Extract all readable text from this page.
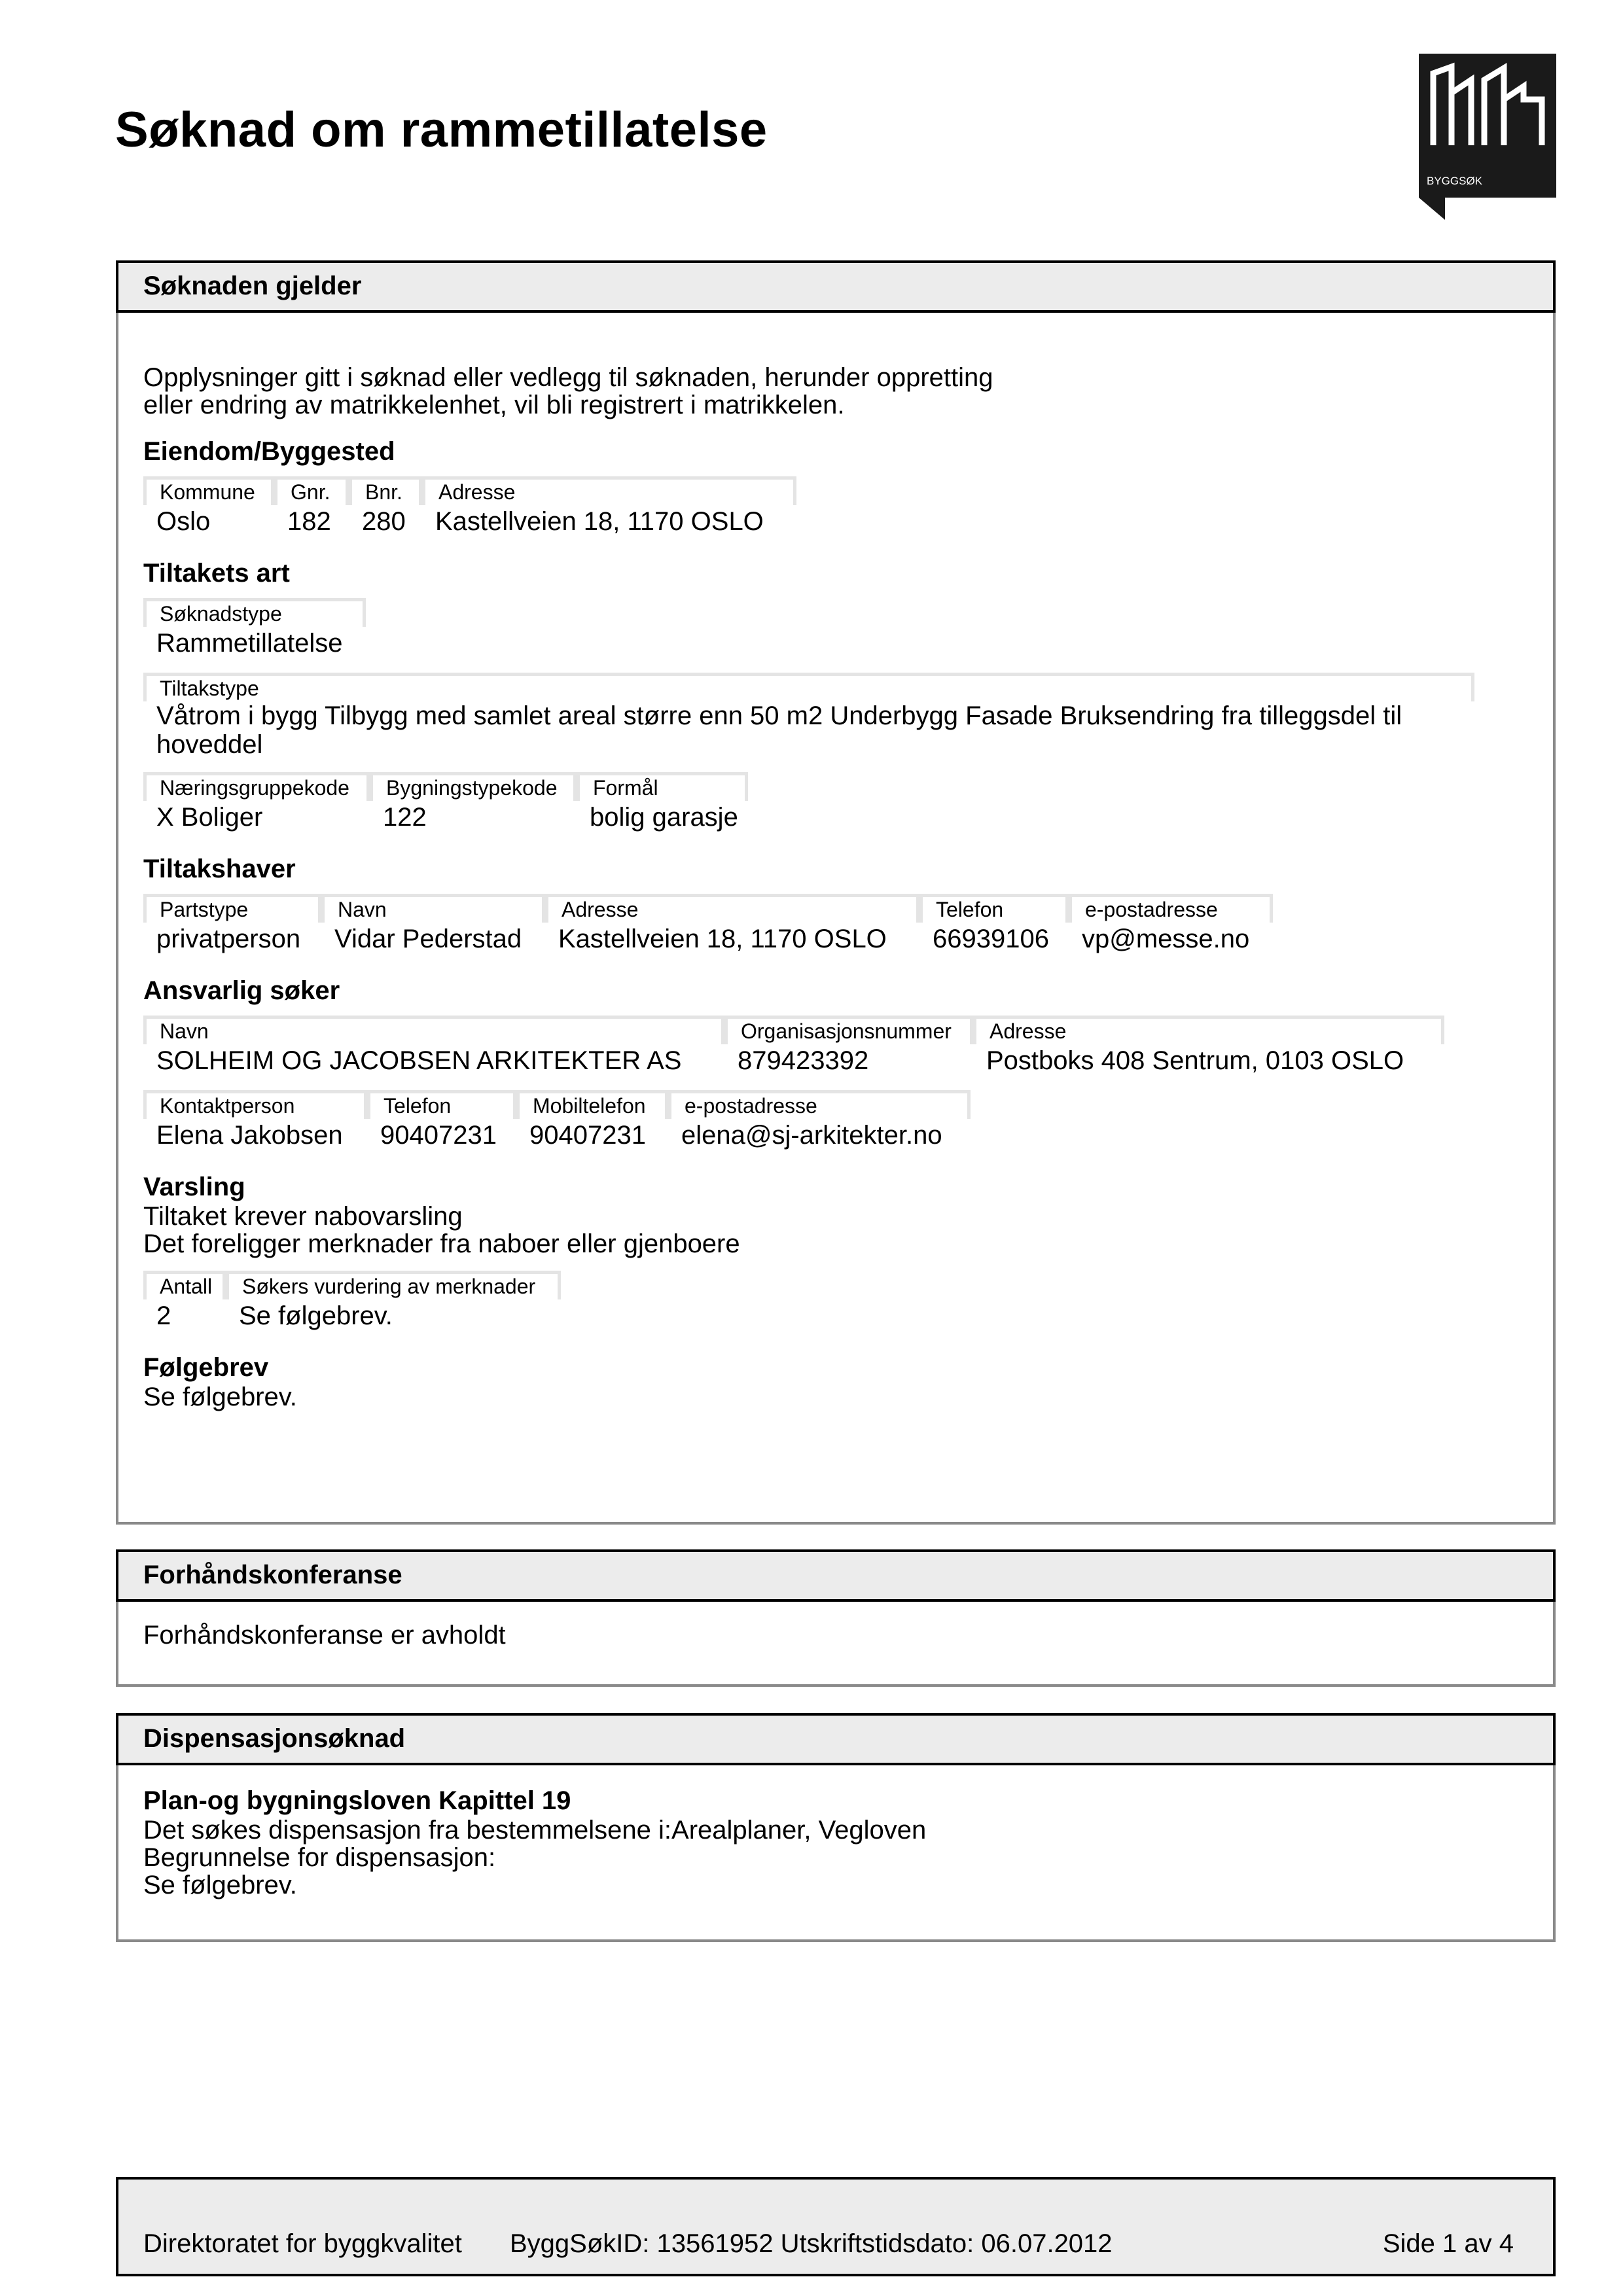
Søknad om rammetillatelse
BYGGSØK
Søknaden gjelder

Opplysninger gitt i søknad eller vedlegg til søknaden, herunder oppretting

eller endring av matrikkelenhet, vil bli registrert i matrikkelen.

Eiendom/Byggested

Kommune
Oslo
Gnr.
182
Bnr.
280
Adresse
Kastellveien 18, 1170 OSLO

Tiltakets art

Søknadstype
Rammetillatelse
Tiltakstype
Våtrom i bygg Tilbygg med samlet areal større enn 50 m2 Underbygg Fasade Bruksendring fra tilleggsdel til hoveddel
Næringsgruppekode
X Boliger
Bygningstypekode
122
Formål
bolig garasje

Tiltakshaver

Partstype
privatperson
Navn
Vidar Pederstad
Adresse
Kastellveien 18, 1170 OSLO
Telefon
66939106
e-postadresse
vp@messe.no

Ansvarlig søker

Navn
SOLHEIM OG JACOBSEN ARKITEKTER AS
Organisasjonsnummer
879423392
Adresse
Postboks 408 Sentrum, 0103 OSLO
Kontaktperson
Elena Jakobsen
Telefon
90407231
Mobiltelefon
90407231
e-postadresse
elena@sj-arkitekter.no

Varsling

Tiltaket krever nabovarsling

Det foreligger merknader fra naboer eller gjenboere

Antall
2
Søkers vurdering av merknader
Se følgebrev.

Følgebrev

Se følgebrev.

Forhåndskonferanse

Forhåndskonferanse er avholdt

Dispensasjonsøknad

Plan-og bygningsloven Kapittel 19

Det søkes dispensasjon fra bestemmelsene i:Arealplaner, Vegloven

Begrunnelse for dispensasjon:

Se følgebrev.

Direktoratet for byggkvalitet	ByggSøkID: 13561952 Utskriftstidsdato: 06.07.2012	Side 1 av 4
